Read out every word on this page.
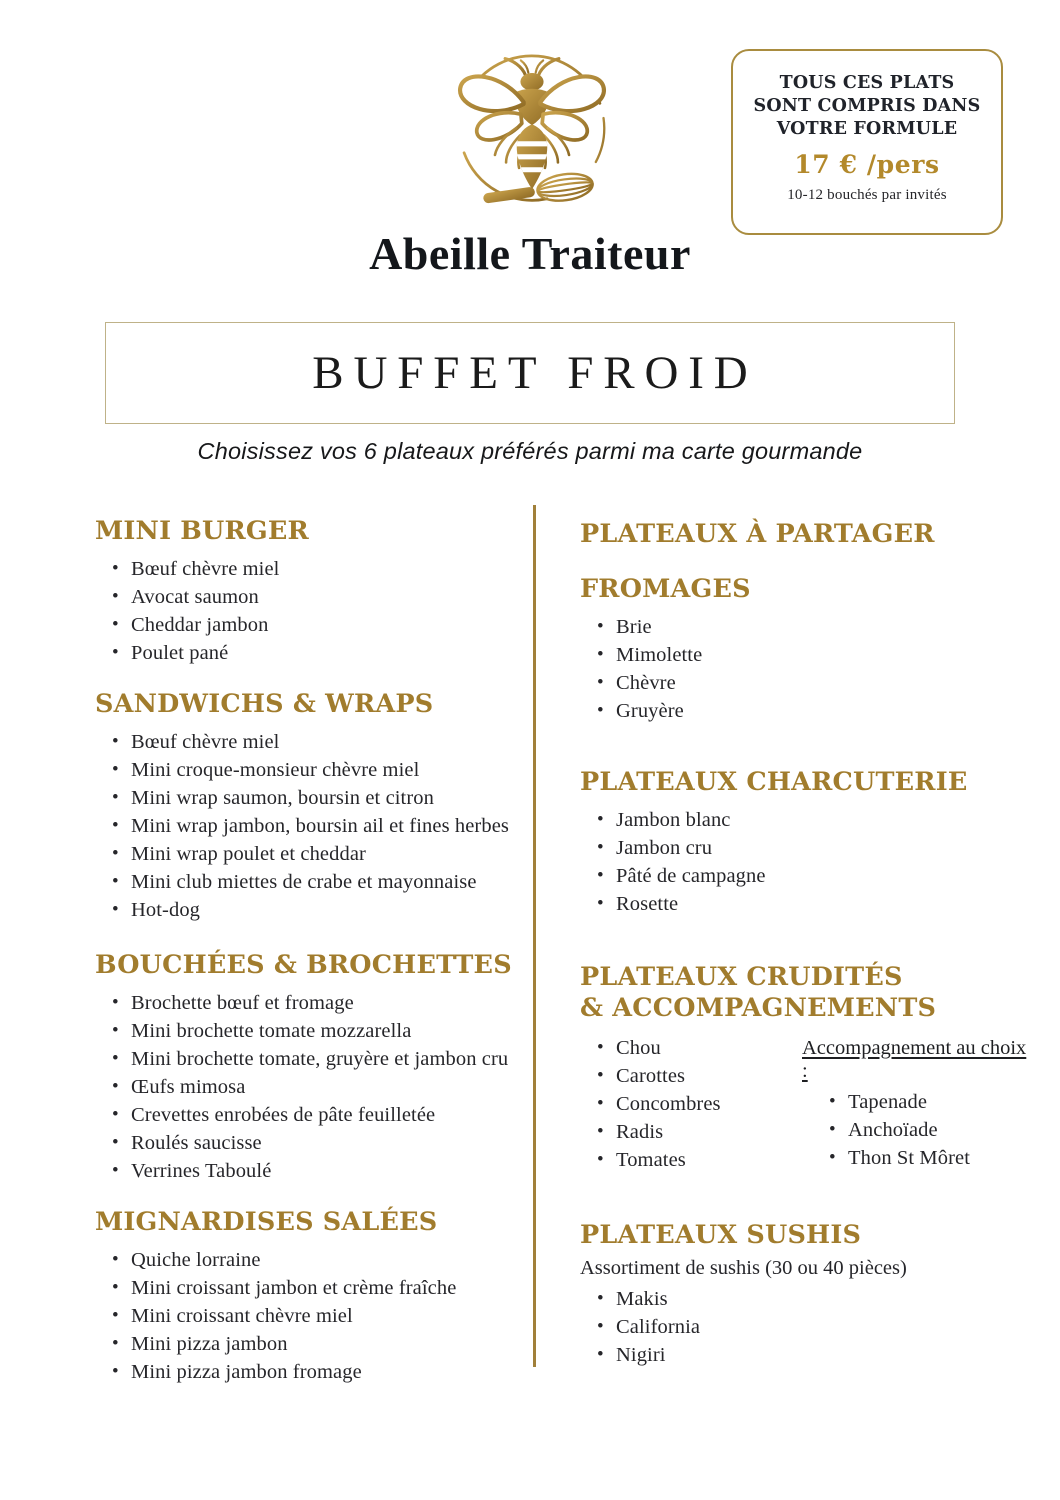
TOUS CES PLATS
SONT COMPRIS DANS
VOTRE FORMULE
17 € /pers
10-12 bouchés par invités
Abeille Traiteur
BUFFET FROID
Choisissez vos 6 plateaux préférés parmi ma carte gourmande
MINI BURGER
• Bœuf chèvre miel
• Avocat saumon
• Cheddar jambon
• Poulet pané
SANDWICHS & WRAPS
• Bœuf chèvre miel
• Mini croque-monsieur chèvre miel
• Mini wrap saumon, boursin et citron
• Mini wrap jambon, boursin ail et fines herbes
• Mini wrap poulet et cheddar
• Mini club miettes de crabe et mayonnaise
• Hot-dog
BOUCHÉES & BROCHETTES
• Brochette bœuf et fromage
• Mini brochette tomate mozzarella
• Mini brochette tomate, gruyère et jambon cru
• Œufs mimosa
• Crevettes enrobées de pâte feuilletée
• Roulés saucisse
• Verrines Taboulé
MIGNARDISES SALÉES
• Quiche lorraine
• Mini croissant jambon et crème fraîche
• Mini croissant chèvre miel
• Mini pizza jambon
• Mini pizza jambon fromage
PLATEAUX À PARTAGER
FROMAGES
• Brie
• Mimolette
• Chèvre
• Gruyère
PLATEAUX CHARCUTERIE
• Jambon blanc
• Jambon cru
• Pâté de campagne
• Rosette
PLATEAUX CRUDITÉS
& ACCOMPAGNEMENTS
• Chou
• Carottes
• Concombres
• Radis
• Tomates
Accompagnement au choix :
• Tapenade
• Anchoïade
• Thon St Môret
PLATEAUX SUSHIS
Assortiment de sushis (30 ou 40 pièces)
• Makis
• California
• Nigiri
